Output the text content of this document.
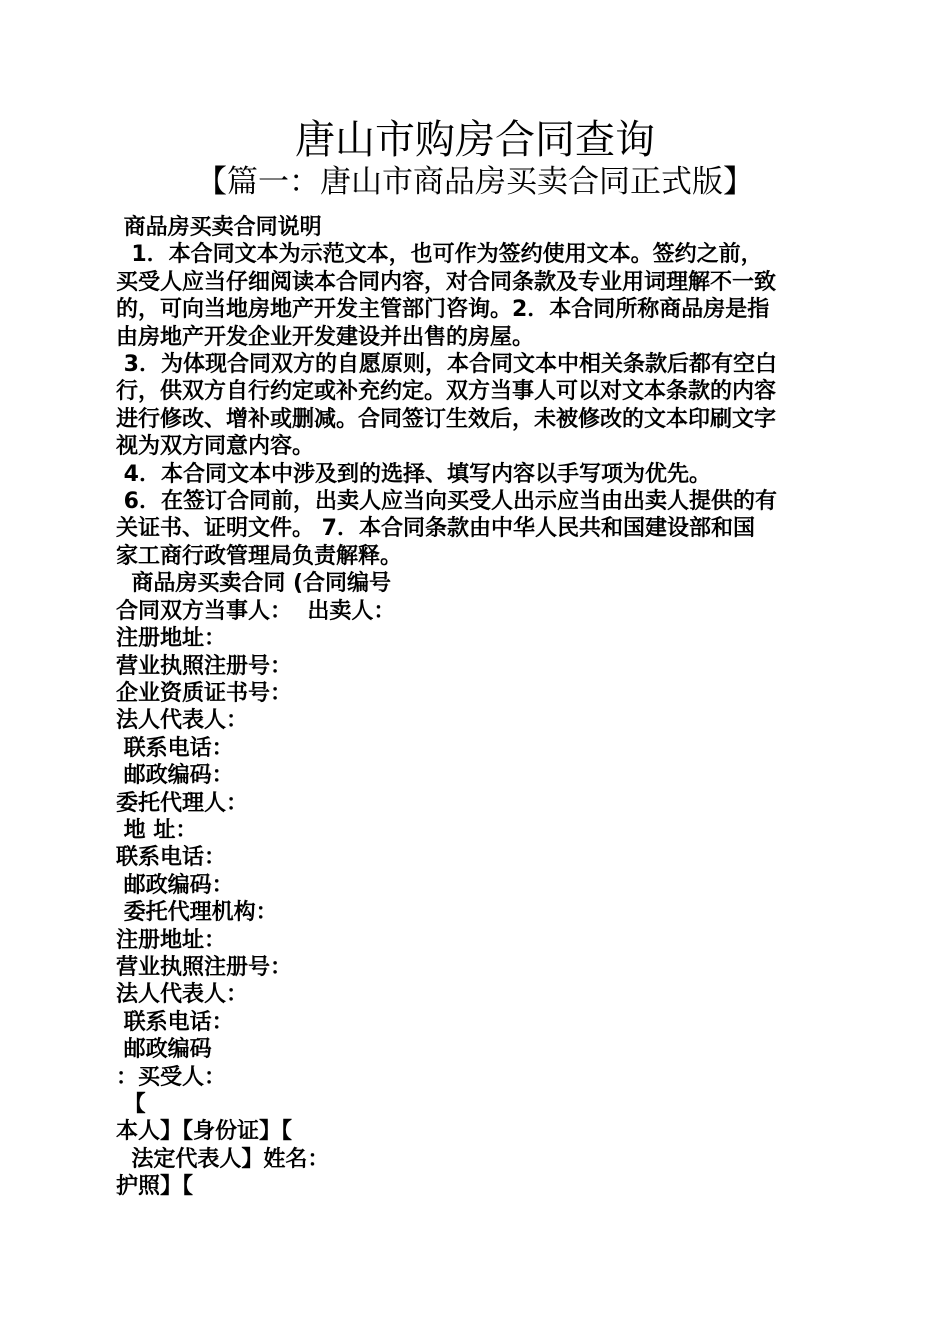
唐山市购房合同查询
【篇一：唐山市商品房买卖合同正式版】

商品房买卖合同说明

1．本合同文本为示范文本，也可作为签约使用文本。签约之前，

买受人应当仔细阅读本合同内容，对合同条款及专业用词理解不一致

的，可向当地房地产开发主管部门咨询。2．本合同所称商品房是指

由房地产开发企业开发建设并出售的房屋。

3．为体现合同双方的自愿原则，本合同文本中相关条款后都有空白

行，供双方自行约定或补充约定。双方当事人可以对文本条款的内容

进行修改、增补或删减。合同签订生效后，未被修改的文本印刷文字

视为双方同意内容。

4．本合同文本中涉及到的选择、填写内容以手写项为优先。

6．在签订合同前，出卖人应当向买受人出示应当由出卖人提供的有

关证书、证明文件。 7．本合同条款由中华人民共和国建设部和国

家工商行政管理局负责解释。

商品房买卖合同 (合同编号

合同双方当事人：  出卖人：

注册地址：

营业执照注册号：

企业资质证书号：

法人代表人：

联系电话：

邮政编码：

委托代理人：

地 址：

联系电话：

邮政编码：

委托代理机构：

注册地址：

营业执照注册号：

法人代表人：

联系电话：

邮政编码

：买受人：

【

本人】【身份证】【

法定代表人】姓名：

护照】【
